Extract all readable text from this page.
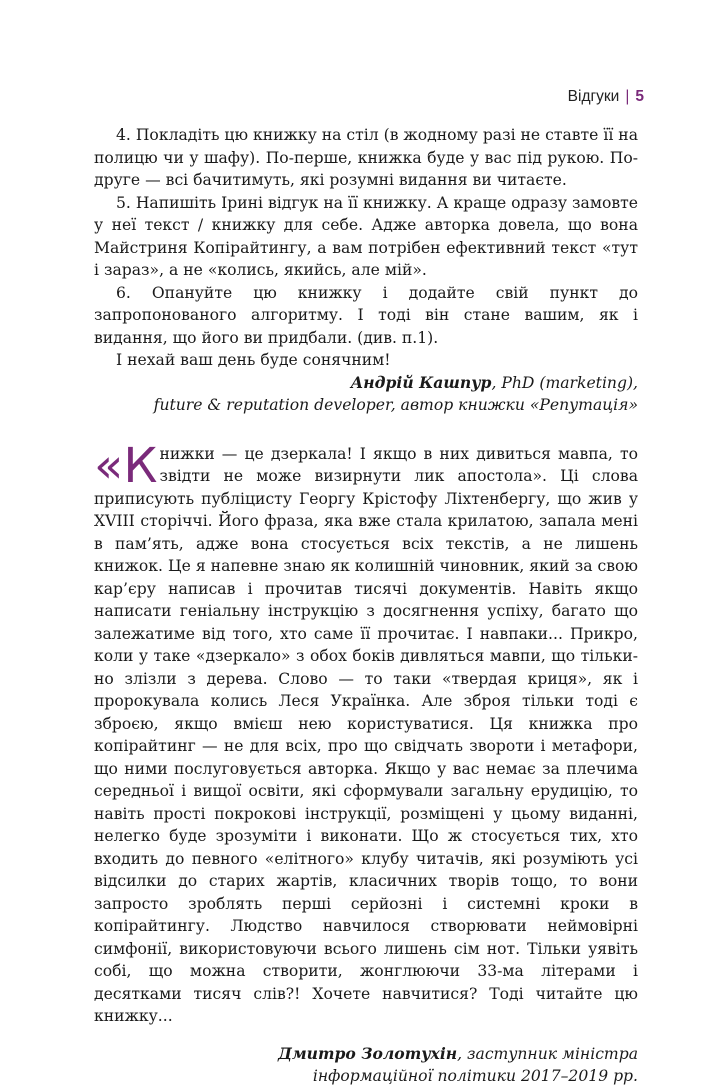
Відгуки | 5

4. Покладіть цю книжку на стіл (в жодному разі не ставте її на полицю чи у шафу). По-перше, книжка буде у вас під рукою. По-друге — всі бачитимуть, які розумні видання ви читаєте.

5. Напишіть Ірині відгук на її книжку. А краще одразу замовте у неї текст / книжку для себе. Адже авторка довела, що вона Майстриня Копірайтингу, а вам потрібен ефективний текст «тут і зараз», а не «колись, якийсь, але мій».

6. Опануйте цю книжку і додайте свій пункт до запропонованого алгоритму. І тоді він стане вашим, як і видання, що його ви придбали. (див. п.1).

І нехай ваш день буде сонячним!

Андрій Кашпур, PhD (marketing),

future & reputation developer, автор книжки «Репутація»

«Книжки — це дзеркала! І якщо в них дивиться мавпа, то звідти не може визирнути лик апостола». Ці слова приписують публіцисту Георгу Крістофу Ліхтенбергу, що жив у XVIII сторіччі. Його фраза, яка вже стала крилатою, запала мені в пам’ять, адже вона стосується всіх текстів, а не лишень книжок. Це я напевне знаю як колишній чиновник, який за свою кар’єру написав і прочитав тисячі документів. Навіть якщо написати геніальну інструкцію з досягнення успіху, багато що залежатиме від того, хто саме її прочитає. І навпаки... Прикро, коли у таке «дзеркало» з обох боків дивляться мавпи, що тільки-но злізли з дерева. Слово — то таки «твердая криця», як і пророкувала колись Леся Українка. Але зброя тільки тоді є зброєю, якщо вмієш нею користуватися. Ця книжка про копірайтинг — не для всіх, про що свідчать звороти і метафори, що ними послуговується авторка. Якщо у вас немає за плечима середньої і вищої освіти, які сформували загальну ерудицію, то навіть прості покрокові інструкції, розміщені у цьому виданні, нелегко буде зрозуміти і виконати. Що ж стосується тих, хто входить до певного «елітного» клубу читачів, які розуміють усі відсилки до старих жартів, класичних творів тощо, то вони запросто зроблять перші серйозні і системні кроки в копірайтингу. Людство навчилося створювати неймовірні симфонії, використовуючи всього лишень сім нот. Тільки уявіть собі, що можна створити, жонглюючи 33-ма літерами і десятками тисяч слів?! Хочете навчитися? Тоді читайте цю книжку...

Дмитро Золотухін, заступник міністра

інформаційної політики 2017–2019 рр.
